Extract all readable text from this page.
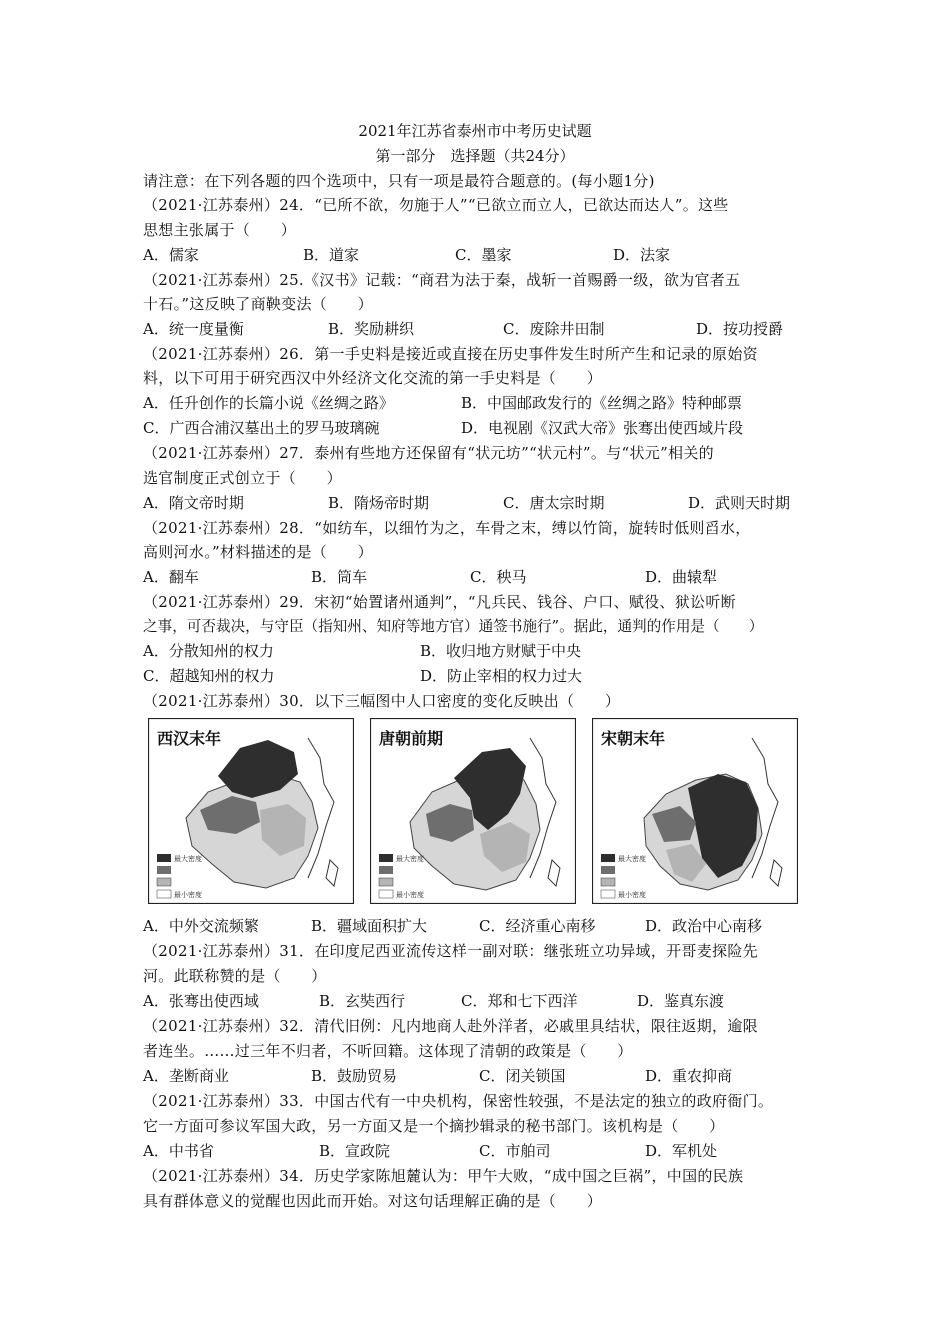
2021年江苏省泰州市中考历史试题
第一部分　选择题（共24分）
请注意：在下列各题的四个选项中，只有一项是最符合题意的。(每小题1分)
（2021·江苏泰州）24．“已所不欲，勿施于人”“已欲立而立人，已欲达而达人”。这些
思想主张属于（　　）
A．儒家	B．道家	C．墨家	D．法家
（2021·江苏泰州）25.《汉书》记载：“商君为法于秦，战斩一首赐爵一级，欲为官者五
十石。”这反映了商鞅变法（　　）
A．统一度量衡	B．奖励耕织	C．废除井田制	D．按功授爵
（2021·江苏泰州）26．第一手史料是接近或直接在历史事件发生时所产生和记录的原始资
料，以下可用于研究西汉中外经济文化交流的第一手史料是（　　）
A．任升创作的长篇小说《丝绸之路》	B．中国邮政发行的《丝绸之路》特种邮票
C．广西合浦汉墓出土的罗马玻璃碗	D．电视剧《汉武大帝》张骞出使西域片段
（2021·江苏泰州）27．泰州有些地方还保留有“状元坊”“状元村”。与“状元”相关的
选官制度正式创立于（　　）
A．隋文帝时期	B．隋炀帝时期	C．唐太宗时期	D．武则天时期
（2021·江苏泰州）28．“如纺车，以细竹为之，车骨之末，缚以竹筒，旋转时低则舀水，
高则河水。”材料描述的是（　　）
A．翻车	B．筒车	C．秧马	D．曲辕犁
（2021·江苏泰州）29．宋初“始置诸州通判”，“凡兵民、钱谷、户口、赋役、狱讼听断
之事，可否裁决，与守臣（指知州、知府等地方官）通签书施行”。据此，通判的作用是（　　）
A．分散知州的权力	B．收归地方财赋于中央
C．超越知州的权力	D．防止宰相的权力过大
（2021·江苏泰州）30．以下三幅图中人口密度的变化反映出（　　）
西汉末年
最大密度
最小密度
唐朝前期
最大密度
最小密度
宋朝末年
最大密度
最小密度
A．中外交流频繁	B．疆域面积扩大	C．经济重心南移	D．政治中心南移
（2021·江苏泰州）31．在印度尼西亚流传这样一副对联：继张班立功异域，开哥麦探险先
河。此联称赞的是（　　）
A．张骞出使西域	B．玄奘西行	C．郑和七下西洋	D．鉴真东渡
（2021·江苏泰州）32．清代旧例：凡内地商人赴外洋者，必戚里具结状，限往返期，逾限
者连坐。……过三年不归者，不听回籍。这体现了清朝的政策是（　　）
A．垄断商业	B．鼓励贸易	C．闭关锁国	D．重农抑商
（2021·江苏泰州）33．中国古代有一中央机构，保密性较强，不是法定的独立的政府衙门。
它一方面可参议军国大政，另一方面又是一个摘抄辑录的秘书部门。该机构是（　　）
A．中书省	B．宣政院	C．市舶司	D．军机处
（2021·江苏泰州）34．历史学家陈旭麓认为：甲午大败，“成中国之巨祸”，中国的民族
具有群体意义的觉醒也因此而开始。对这句话理解正确的是（　　）
